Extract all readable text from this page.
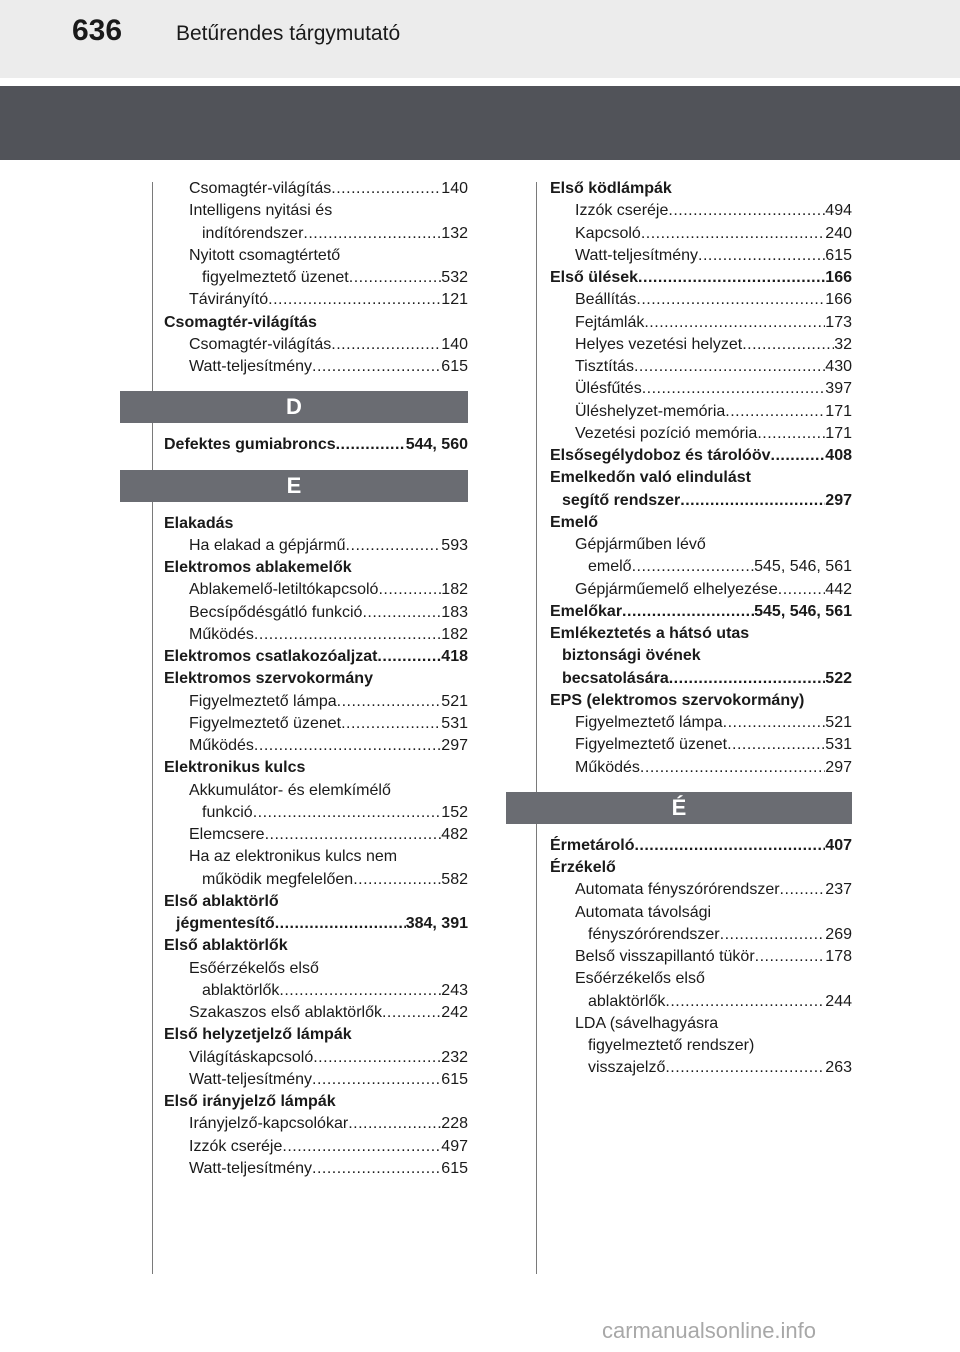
636	Betűrendes tárgymutató
Csomagtér-világítás .....	140
Intelligens nyitási és
indítórendszer .....	132
Nyitott csomagtértető
figyelmeztető üzenet .....	532
Távirányító .....	121
Csomagtér-világítás
Csomagtér-világítás .....	140
Watt-teljesítmény .....	615
D
Defektes gumiabroncs .....	544, 560
E
Elakadás
Ha elakad a gépjármű .....	593
Elektromos ablakemelők
Ablakemelő-letiltókapcsoló .....	182
Becsípődésgátló funkció .....	183
Működés .....	182
Elektromos csatlakozóaljzat .....	418
Elektromos szervokormány
Figyelmeztető lámpa .....	521
Figyelmeztető üzenet .....	531
Működés .....	297
Elektronikus kulcs
Akkumulátor- és elemkímélő
funkció .....	152
Elemcsere .....	482
Ha az elektronikus kulcs nem
működik megfelelően .....	582
Első ablaktörlő
jégmentesítő .....	384, 391
Első ablaktörlők
Esőérzékelős első
ablaktörlők .....	243
Szakaszos első ablaktörlők .....	242
Első helyzetjelző lámpák
Világításkapcsoló .....	232
Watt-teljesítmény .....	615
Első irányjelző lámpák
Irányjelző-kapcsolókar .....	228
Izzók cseréje .....	497
Watt-teljesítmény .....	615
Első ködlámpák
Izzók cseréje .....	494
Kapcsoló .....	240
Watt-teljesítmény .....	615
Első ülések .....	166
Beállítás .....	166
Fejtámlák .....	173
Helyes vezetési helyzet .....	32
Tisztítás .....	430
Ülésfűtés .....	397
Üléshelyzet-memória .....	171
Vezetési pozíció memória .....	171
Elsősegélydoboz és tárolóöv .....	408
Emelkedőn való elindulást
segítő rendszer .....	297
Emelő
Gépjárműben lévő
emelő .....	545, 546, 561
Gépjárműemelő elhelyezése .....	442
Emelőkar .....	545, 546, 561
Emlékeztetés a hátsó utas
biztonsági övének
becsatolására .....	522
EPS (elektromos szervokormány)
Figyelmeztető lámpa .....	521
Figyelmeztető üzenet .....	531
Működés .....	297
É
Érmetároló .....	407
Érzékelő
Automata fényszórórendszer .....	237
Automata távolsági
fényszórórendszer .....	269
Belső visszapillantó tükör .....	178
Esőérzékelős első
ablaktörlők .....	244
LDA (sávelhagyásra
figyelmeztető rendszer)
visszajelző .....	263
carmanualsonline.info
